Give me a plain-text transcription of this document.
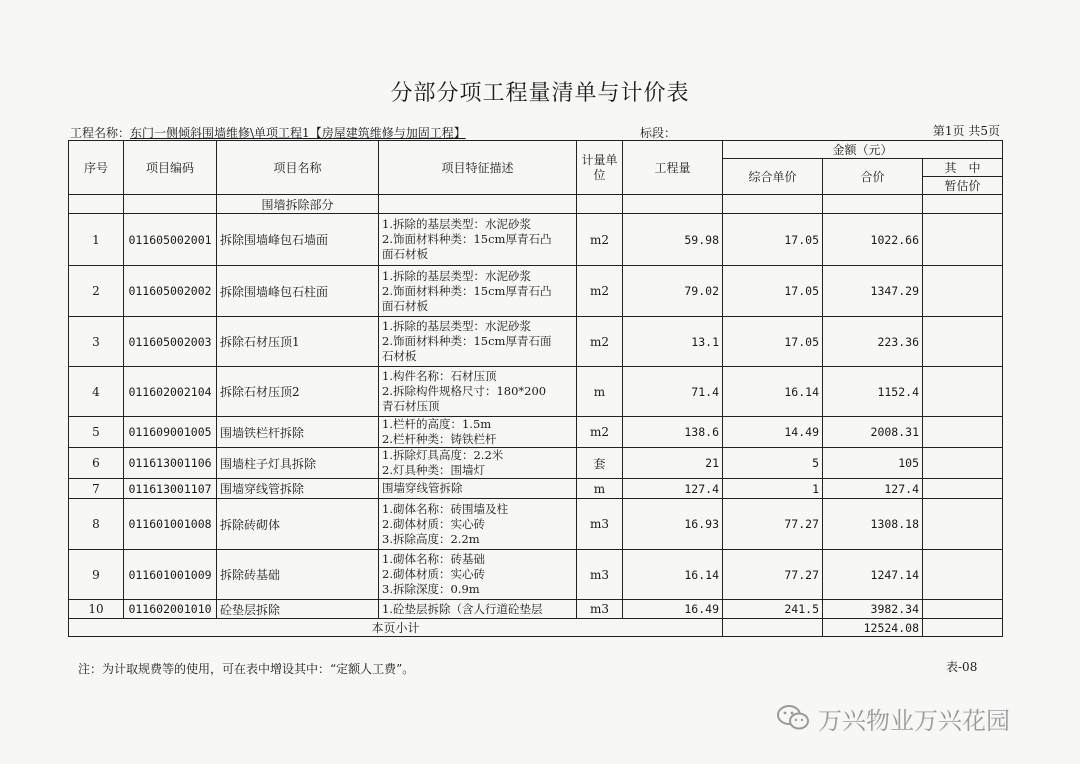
分部分项工程量清单与计价表
工程名称：东门一侧倾斜围墙维修\单项工程1【房屋建筑维修与加固工程】	标段：	第1页 共5页
序号	项目编码	项目名称	项目特征描述	计量单位	工程量	金额（元）		
						综合单价	合价	其　中
								暂估价
		围墙拆除部分						
1	011605002001	拆除围墙峰包石墙面	1.拆除的基层类型：水泥砂浆
2.饰面材料种类：15cm厚青石凸
面石材板	m2	59.98	17.05	1022.66	
2	011605002002	拆除围墙峰包石柱面	1.拆除的基层类型：水泥砂浆
2.饰面材料种类：15cm厚青石凸
面石材板	m2	79.02	17.05	1347.29	
3	011605002003	拆除石材压顶1	1.拆除的基层类型：水泥砂浆
2.饰面材料种类：15cm厚青石面
石材板	m2	13.1	17.05	223.36	
4	011602002104	拆除石材压顶2	1.构件名称：石材压顶
2.拆除构件规格尺寸：180*200
青石材压顶	m	71.4	16.14	1152.4	
5	011609001005	围墙铁栏杆拆除	1.栏杆的高度：1.5m
2.栏杆种类：铸铁栏杆	m2	138.6	14.49	2008.31	
6	011613001106	围墙柱子灯具拆除	1.拆除灯具高度：2.2米
2.灯具种类：围墙灯	套	21	5	105	
7	011613001107	围墙穿线管拆除	围墙穿线管拆除	m	127.4	1	127.4	
8	011601001008	拆除砖砌体	1.砌体名称：砖围墙及柱
2.砌体材质：实心砖
3.拆除高度：2.2m	m3	16.93	77.27	1308.18	
9	011601001009	拆除砖基础	1.砌体名称：砖基础
2.砌体材质：实心砖
3.拆除深度：0.9m	m3	16.14	77.27	1247.14	
10	011602001010	砼垫层拆除	1.砼垫层拆除（含人行道砼垫层	m3	16.49	241.5	3982.34	
本页小计							12524.08	
注：为计取规费等的使用，可在表中增设其中：“定额人工费”。	表-08
万兴物业万兴花园
